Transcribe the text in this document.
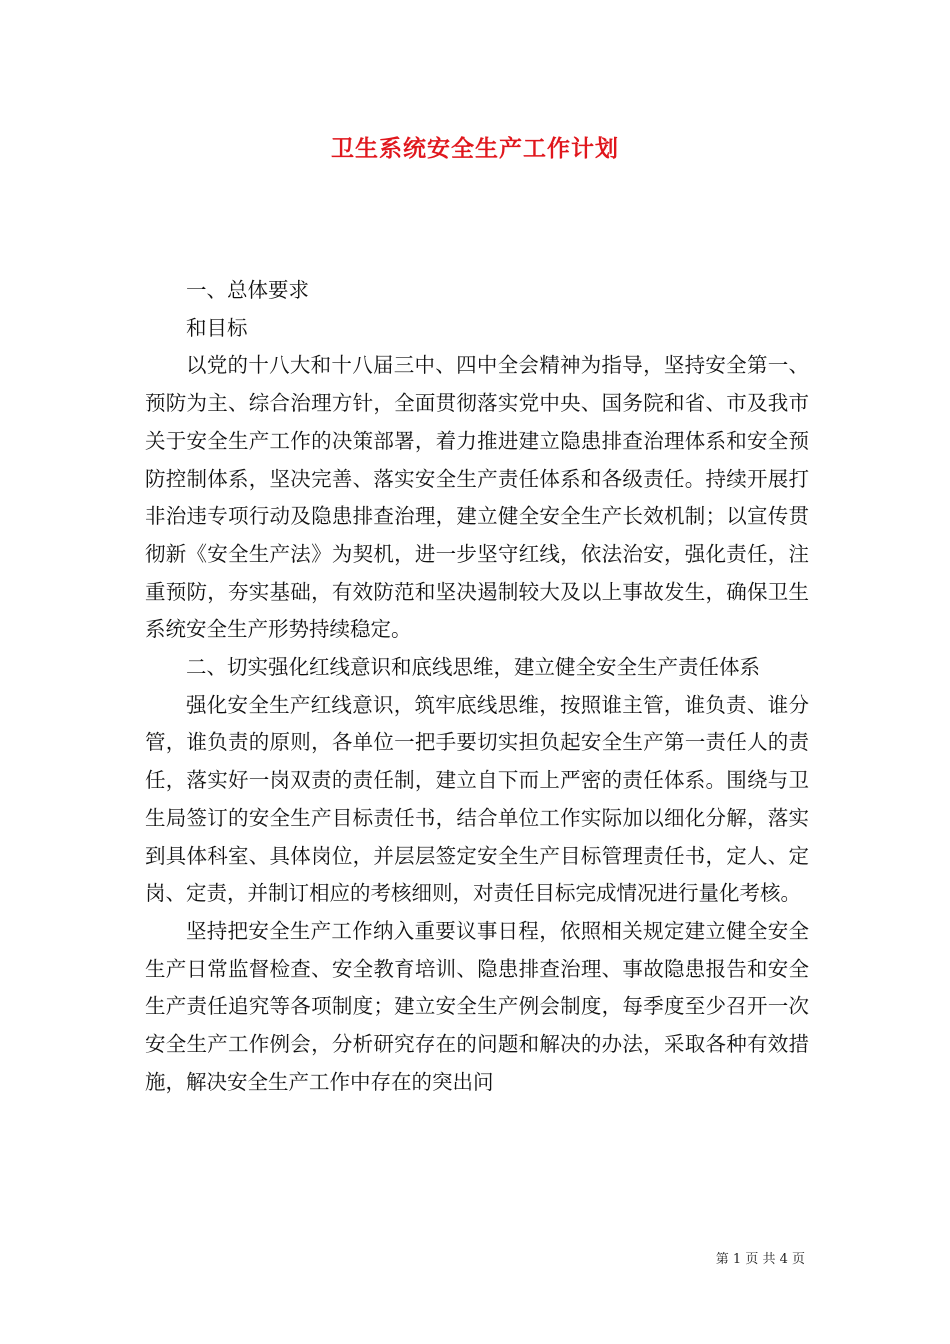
卫生系统安全生产工作计划

一、总体要求

和目标

以党的十八大和十八届三中、四中全会精神为指导，坚持安全第一、预防为主、综合治理方针，全面贯彻落实党中央、国务院和省、市及我市关于安全生产工作的决策部署，着力推进建立隐患排查治理体系和安全预防控制体系，坚决完善、落实安全生产责任体系和各级责任。持续开展打非治违专项行动及隐患排查治理，建立健全安全生产长效机制；以宣传贯彻新《安全生产法》为契机，进一步坚守红线，依法治安，强化责任，注重预防，夯实基础，有效防范和坚决遏制较大及以上事故发生，确保卫生系统安全生产形势持续稳定。

二、切实强化红线意识和底线思维，建立健全安全生产责任体系

强化安全生产红线意识，筑牢底线思维，按照谁主管，谁负责、谁分管，谁负责的原则，各单位一把手要切实担负起安全生产第一责任人的责任，落实好一岗双责的责任制，建立自下而上严密的责任体系。围绕与卫生局签订的安全生产目标责任书，结合单位工作实际加以细化分解，落实到具体科室、具体岗位，并层层签定安全生产目标管理责任书，定人、定岗、定责，并制订相应的考核细则，对责任目标完成情况进行量化考核。

坚持把安全生产工作纳入重要议事日程，依照相关规定建立健全安全生产日常监督检查、安全教育培训、隐患排查治理、事故隐患报告和安全生产责任追究等各项制度；建立安全生产例会制度，每季度至少召开一次安全生产工作例会，分析研究存在的问题和解决的办法，采取各种有效措施，解决安全生产工作中存在的突出问

第 1 页 共 4 页
